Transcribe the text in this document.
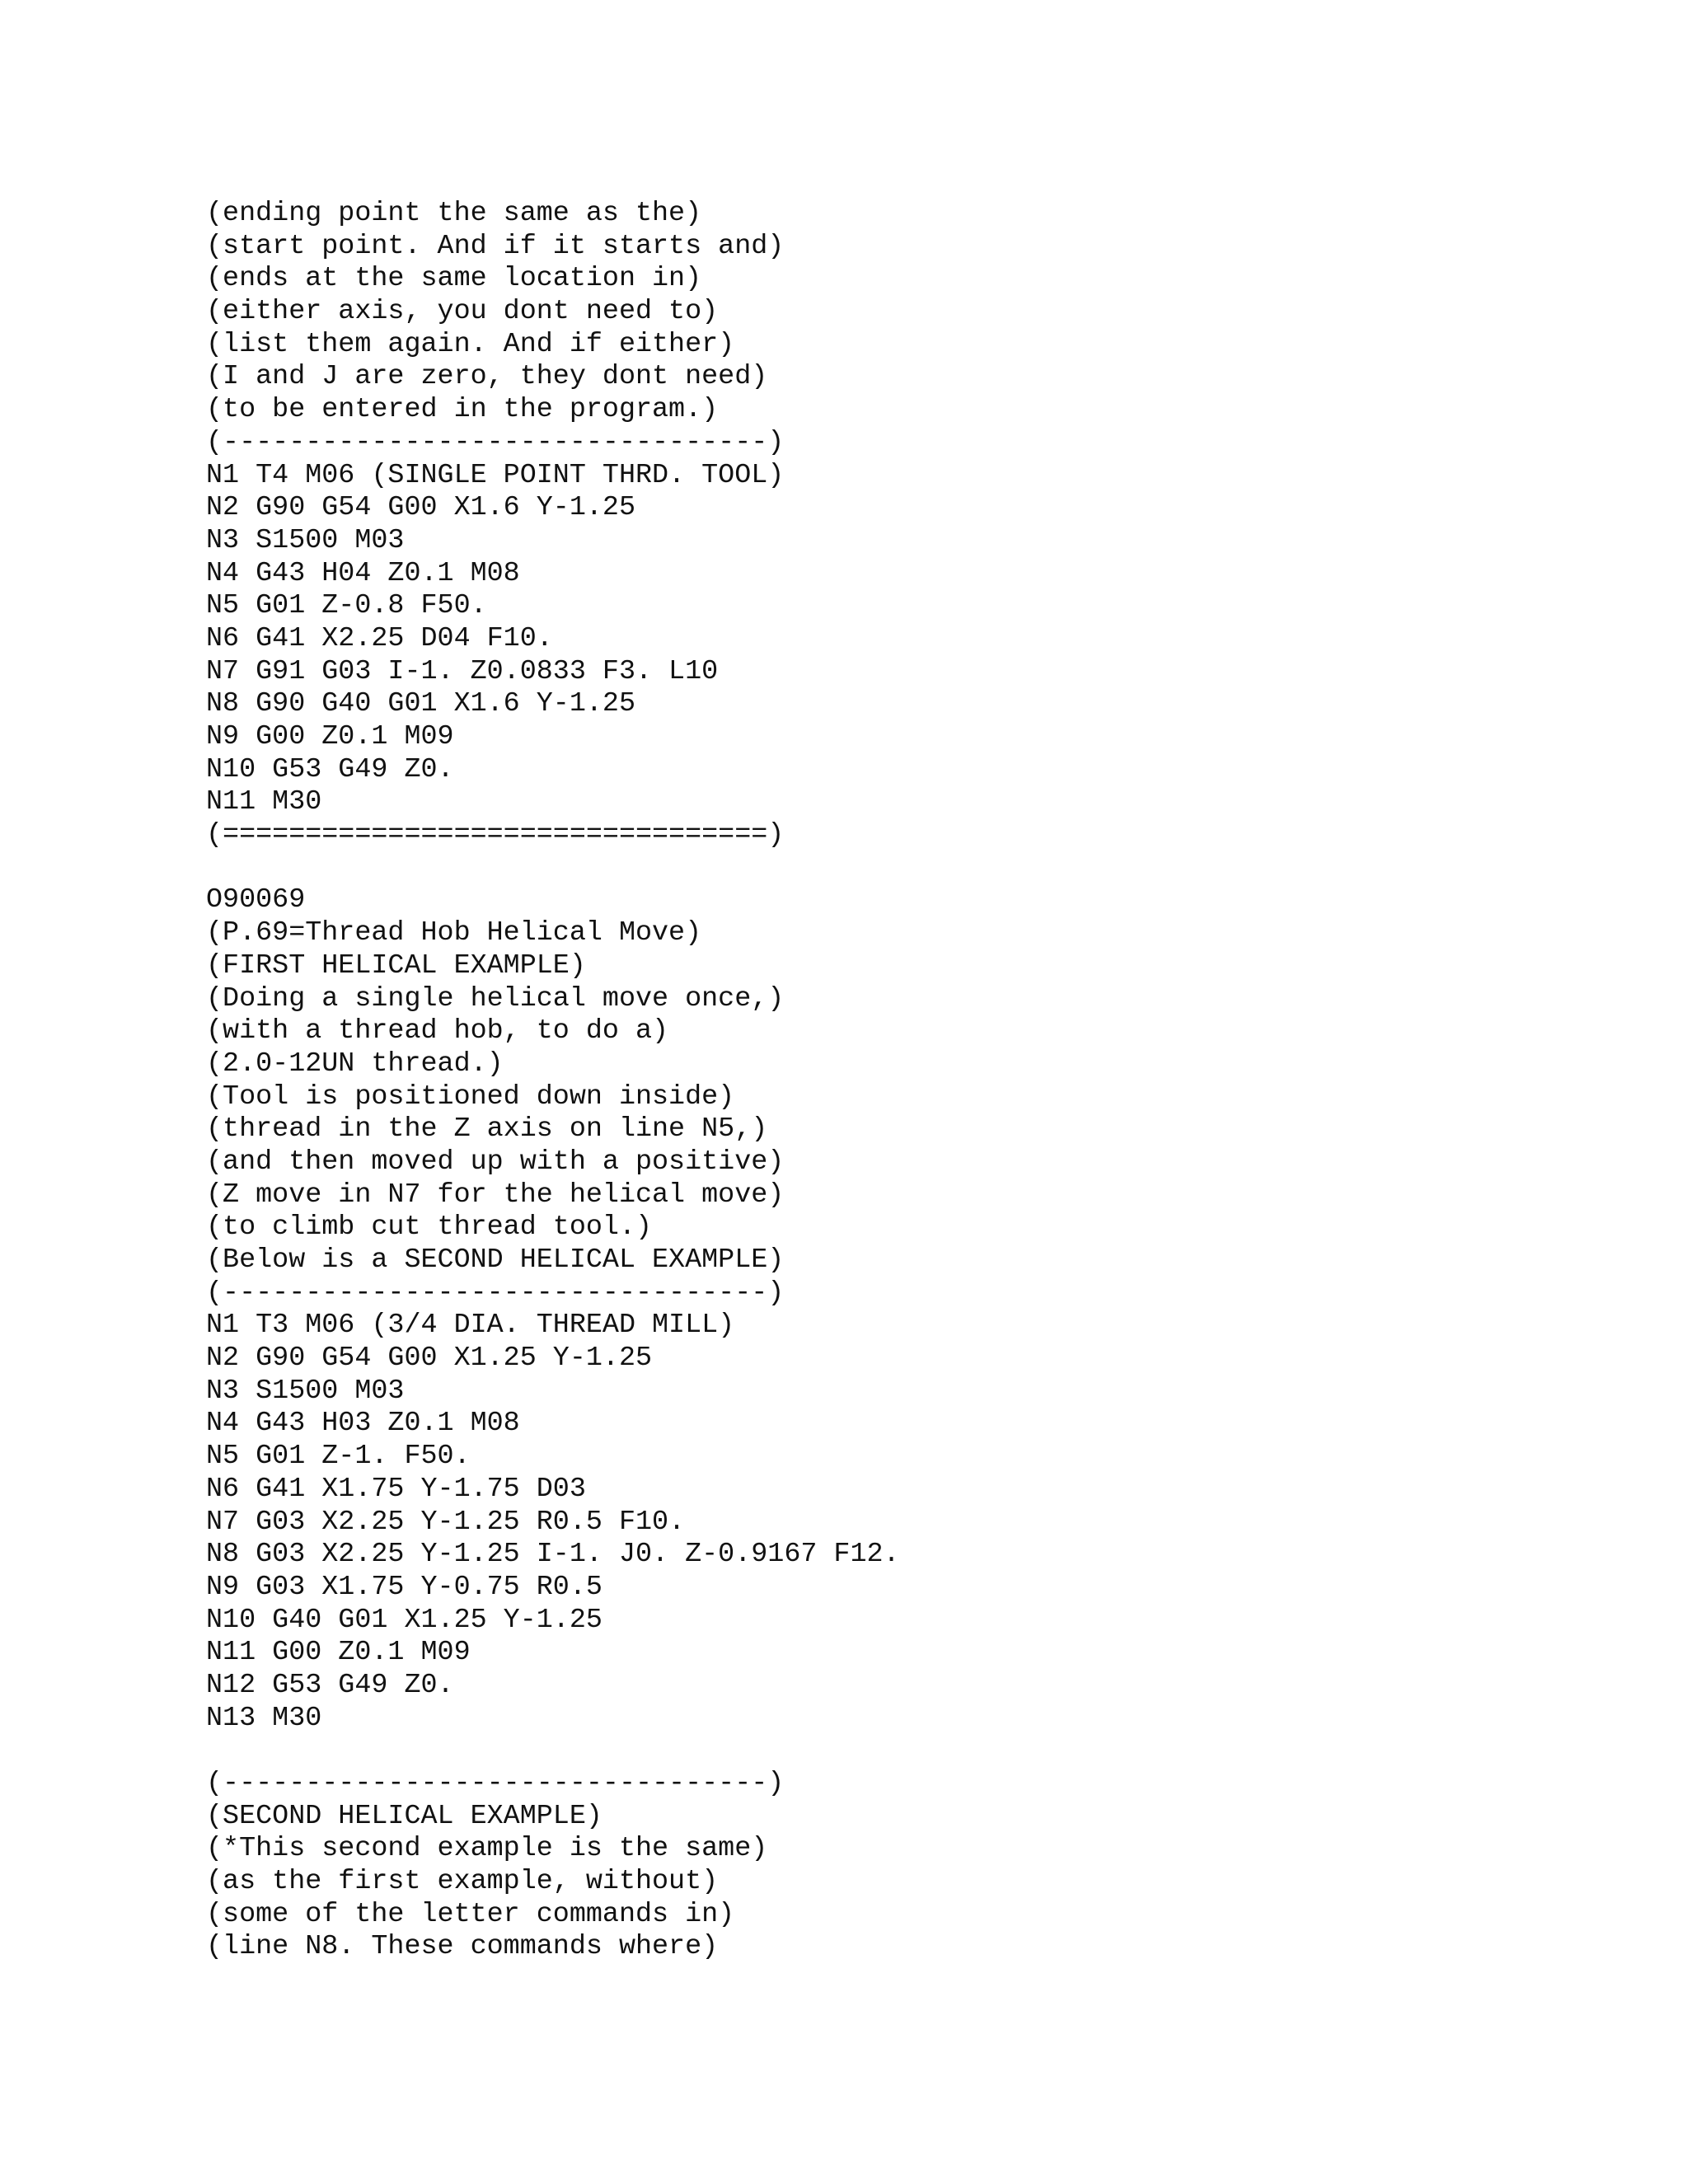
(ending point the same as the)
(start point. And if it starts and)
(ends at the same location in)
(either axis, you dont need to)
(list them again. And if either)
(I and J are zero, they dont need)
(to be entered in the program.)
(---------------------------------)
N1 T4 M06 (SINGLE POINT THRD. TOOL)
N2 G90 G54 G00 X1.6 Y-1.25
N3 S1500 M03
N4 G43 H04 Z0.1 M08
N5 G01 Z-0.8 F50.
N6 G41 X2.25 D04 F10.
N7 G91 G03 I-1. Z0.0833 F3. L10
N8 G90 G40 G01 X1.6 Y-1.25
N9 G00 Z0.1 M09
N10 G53 G49 Z0.
N11 M30
(=================================)
O90069
(P.69=Thread Hob Helical Move)
(FIRST HELICAL EXAMPLE)
(Doing a single helical move once,)
(with a thread hob, to do a)
(2.0-12UN thread.)
(Tool is positioned down inside)
(thread in the Z axis on line N5,)
(and then moved up with a positive)
(Z move in N7 for the helical move)
(to climb cut thread tool.)
(Below is a SECOND HELICAL EXAMPLE)
(---------------------------------)
N1 T3 M06 (3/4 DIA. THREAD MILL)
N2 G90 G54 G00 X1.25 Y-1.25
N3 S1500 M03
N4 G43 H03 Z0.1 M08
N5 G01 Z-1. F50.
N6 G41 X1.75 Y-1.75 D03
N7 G03 X2.25 Y-1.25 R0.5 F10.
N8 G03 X2.25 Y-1.25 I-1. J0. Z-0.9167 F12.
N9 G03 X1.75 Y-0.75 R0.5
N10 G40 G01 X1.25 Y-1.25
N11 G00 Z0.1 M09
N12 G53 G49 Z0.
N13 M30
(---------------------------------)
(SECOND HELICAL EXAMPLE)
(*This second example is the same)
(as the first example, without)
(some of the letter commands in)
(line N8. These commands where)
